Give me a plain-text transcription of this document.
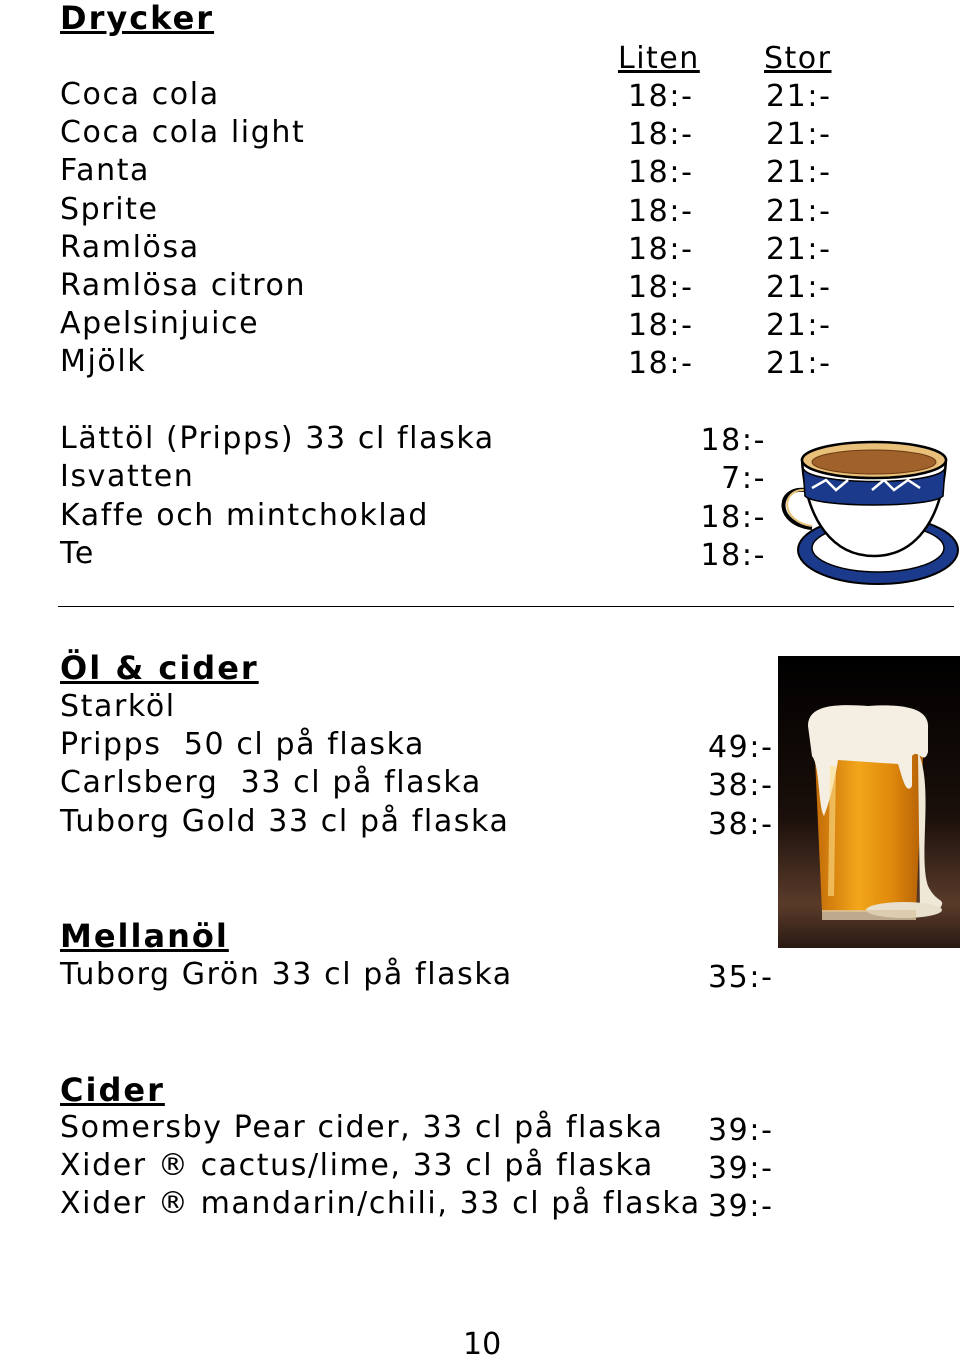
Drycker
Liten Stor
Coca cola	18:- 21:-
Coca cola light	18:- 21:-
Fanta	18:- 21:-
Sprite	18:- 21:-
Ramlösa	18:- 21:-
Ramlösa citron	18:- 21:-
Apelsinjuice	18:- 21:-
Mjölk	18:- 21:-
Lättöl (Pripps) 33 cl flaska	18:-
Isvatten	7:-
Kaffe och mintchoklad	18:-
Te	18:-
Öl & cider
Starköl
Pripps  50 cl på flaska	49:-
Carlsberg  33 cl på flaska	38:-
Tuborg Gold 33 cl på flaska	38:-
Mellanöl
Tuborg Grön 33 cl på flaska	35:-
Cider
Somersby Pear cider, 33 cl på flaska 39:-
Xider ® cactus/lime, 33 cl på flaska 39:-
Xider ® mandarin/chili, 33 cl på flaska 39:-
10
